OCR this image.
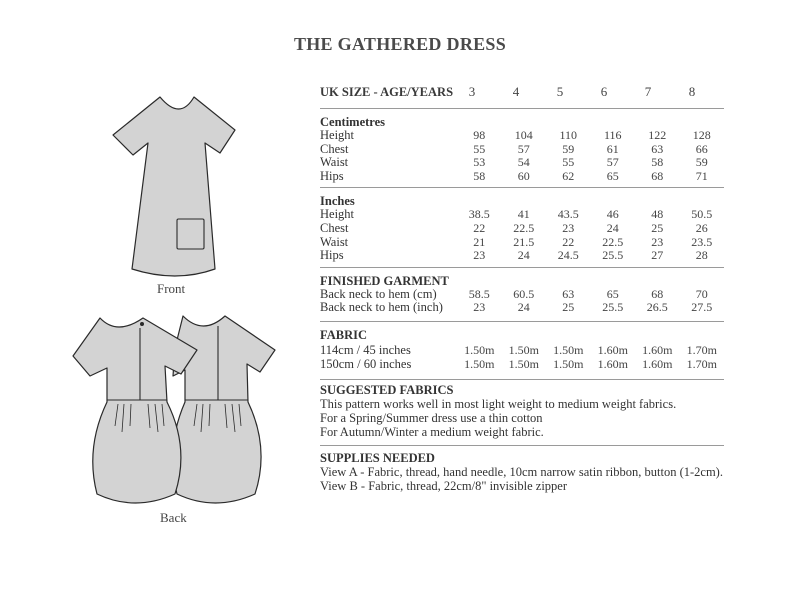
THE GATHERED DRESS
Front
Back
UK SIZE - AGE/YEARS	3	4	5	6	7	8
Centimetres
Height	98	104	110	116	122	128
Chest	55	57	59	61	63	66
Waist	53	54	55	57	58	59
Hips	58	60	62	65	68	71
Inches
Height	38.5	41	43.5	46	48	50.5
Chest	22	22.5	23	24	25	26
Waist	21	21.5	22	22.5	23	23.5
Hips	23	24	24.5	25.5	27	28
FINISHED GARMENT
Back neck to hem (cm)	58.5	60.5	63	65	68	70
Back neck to hem (inch)	23	24	25	25.5	26.5	27.5
FABRIC
114cm / 45 inches	1.50m	1.50m	1.50m	1.60m	1.60m	1.70m
150cm / 60 inches	1.50m	1.50m	1.50m	1.60m	1.60m	1.70m
SUGGESTED FABRICS
This pattern works well in most light weight to medium weight fabrics.
For a Spring/Summer dress use a thin cotton
For Autumn/Winter a medium weight fabric.
SUPPLIES NEEDED
View A - Fabric, thread, hand needle, 10cm narrow satin ribbon, button (1-2cm).
View B - Fabric, thread, 22cm/8" invisible zipper
